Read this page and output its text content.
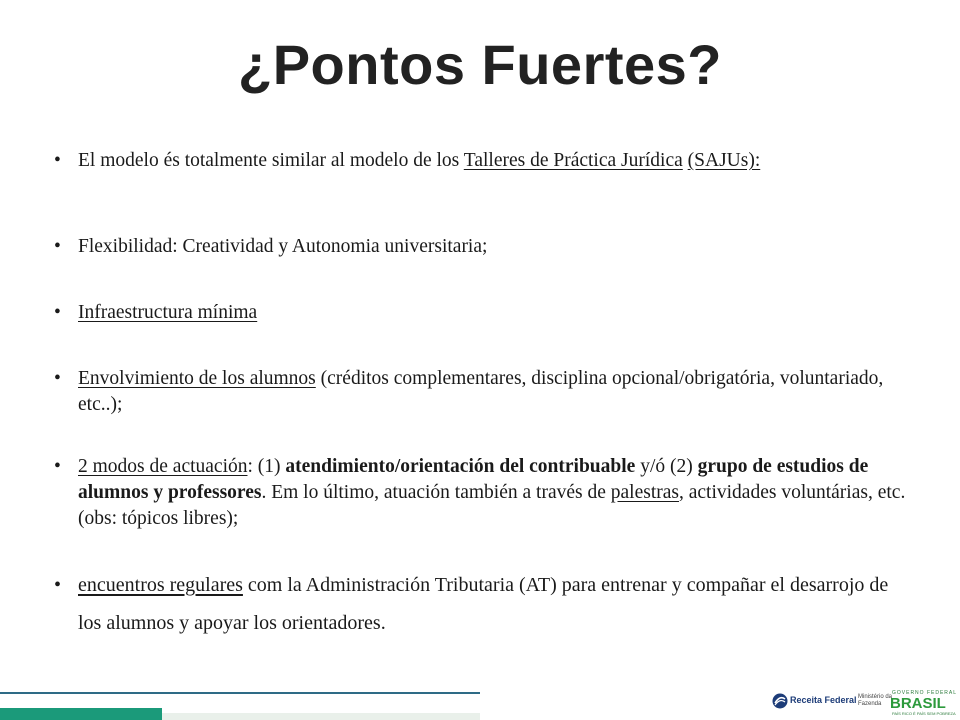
¿Pontos Fuertes?
• El modelo és totalmente similar al modelo de los Talleres de Práctica Jurídica (SAJUs):
• Flexibilidad: Creatividad y Autonomia universitaria;
• Infraestructura mínima
• Envolvimiento de los alumnos (créditos complementares, disciplina opcional/obrigatória, voluntariado, etc..);
• 2 modos de actuación: (1) atendimiento/orientación del contribuable y/ó (2) grupo de estudios de alumnos y professores. Em lo último, atuación también a través de palestras, actividades voluntárias, etc. (obs: tópicos libres);
• encuentros regulares com la Administración Tributaria (AT) para entrenar y compañar el desarrojo de los alumnos y apoyar los orientadores.
Receita Federal Ministério da Fazenda
GOVERNO FEDERAL
BRASIL
PAÍS RICO É PAÍS SEM POBREZA
